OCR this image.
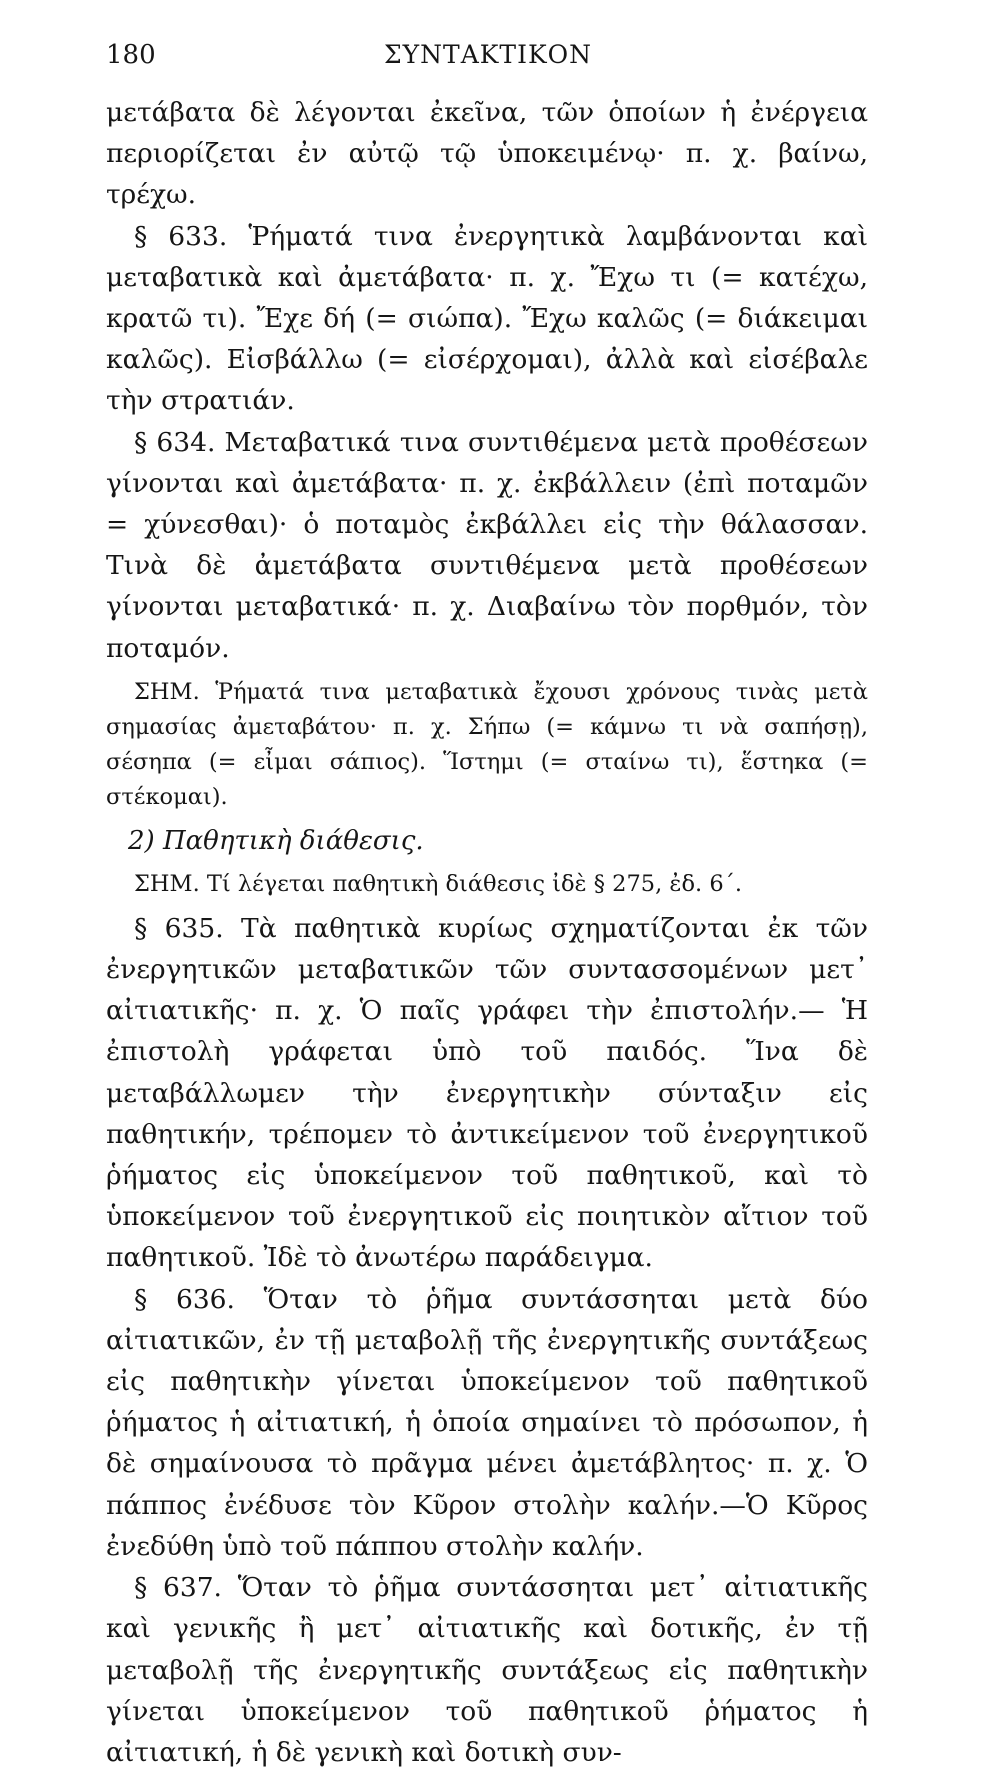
180	ΣΥΝΤΑΚΤΙΚΟΝ

μετάβατα δὲ λέγονται ἐκεῖνα, τῶν ὁποίων ἡ ἐνέργεια περιορίζεται ἐν αὐτῷ τῷ ὑποκειμένῳ· π. χ. βαίνω, τρέχω.

§ 633. Ῥήματά τινα ἐνεργητικὰ λαμβάνονται καὶ μεταβατικὰ καὶ ἀμετάβατα· π. χ. Ἔχω τι (= κατέχω, κρατῶ τι). Ἔχε δή (= σιώπα). Ἔχω καλῶς (= διάκειμαι καλῶς). Εἰσβάλλω (= εἰσέρχομαι), ἀλλὰ καὶ εἰσέβαλε τὴν στρατιάν.

§ 634. Μεταβατικά τινα συντιθέμενα μετὰ προθέσεων γίνονται καὶ ἀμετάβατα· π. χ. ἐκβάλλειν (ἐπὶ ποταμῶν = χύνεσθαι)· ὁ ποταμὸς ἐκβάλλει εἰς τὴν θάλασσαν. Τινὰ δὲ ἀμετάβατα συντιθέμενα μετὰ προθέσεων γίνονται μεταβατικά· π. χ. Διαβαίνω τὸν πορθμόν, τὸν ποταμόν.

ΣΗΜ. Ῥήματά τινα μεταβατικὰ ἔχουσι χρόνους τινὰς μετὰ σημασίας ἀμεταβάτου· π. χ. Σήπω (= κάμνω τι νὰ σαπήσῃ), σέσηπα (= εἶμαι σάπιος). Ἵστημι (= σταίνω τι), ἕστηκα (= στέκομαι).

2) Παθητικὴ διάθεσις.

ΣΗΜ. Τί λέγεται παθητικὴ διάθεσις ἰδὲ § 275, ἐδ. 6΄.

§ 635. Τὰ παθητικὰ κυρίως σχηματίζονται ἐκ τῶν ἐνεργητικῶν μεταβατικῶν τῶν συντασσομένων μετ᾽ αἰτιατικῆς· π. χ. Ὁ παῖς γράφει τὴν ἐπιστολήν.— Ἡ ἐπιστολὴ γράφεται ὑπὸ τοῦ παιδός. Ἵνα δὲ μεταβάλλωμεν τὴν ἐνεργητικὴν σύνταξιν εἰς παθητικήν, τρέπομεν τὸ ἀντικείμενον τοῦ ἐνεργητικοῦ ῥήματος εἰς ὑποκείμενον τοῦ παθητικοῦ, καὶ τὸ ὑποκείμενον τοῦ ἐνεργητικοῦ εἰς ποιητικὸν αἴτιον τοῦ παθητικοῦ. Ἰδὲ τὸ ἀνωτέρω παράδειγμα.

§ 636. Ὅταν τὸ ῥῆμα συντάσσηται μετὰ δύο αἰτιατικῶν, ἐν τῇ μεταβολῇ τῆς ἐνεργητικῆς συντάξεως εἰς παθητικὴν γίνεται ὑποκείμενον τοῦ παθητικοῦ ῥήματος ἡ αἰτιατική, ἡ ὁποία σημαίνει τὸ πρόσωπον, ἡ δὲ σημαίνουσα τὸ πρᾶγμα μένει ἀμετάβλητος· π. χ. Ὁ πάππος ἐνέδυσε τὸν Κῦρον στολὴν καλήν.—Ὁ Κῦρος ἐνεδύθη ὑπὸ τοῦ πάππου στολὴν καλήν.

§ 637. Ὅταν τὸ ῥῆμα συντάσσηται μετ᾽ αἰτιατικῆς καὶ γενικῆς ἢ μετ᾽ αἰτιατικῆς καὶ δοτικῆς, ἐν τῇ μεταβολῇ τῆς ἐνεργητικῆς συντάξεως εἰς παθητικὴν γίνεται ὑποκείμενον τοῦ παθητικοῦ ῥήματος ἡ αἰτιατική, ἡ δὲ γενικὴ καὶ δοτικὴ συν-
